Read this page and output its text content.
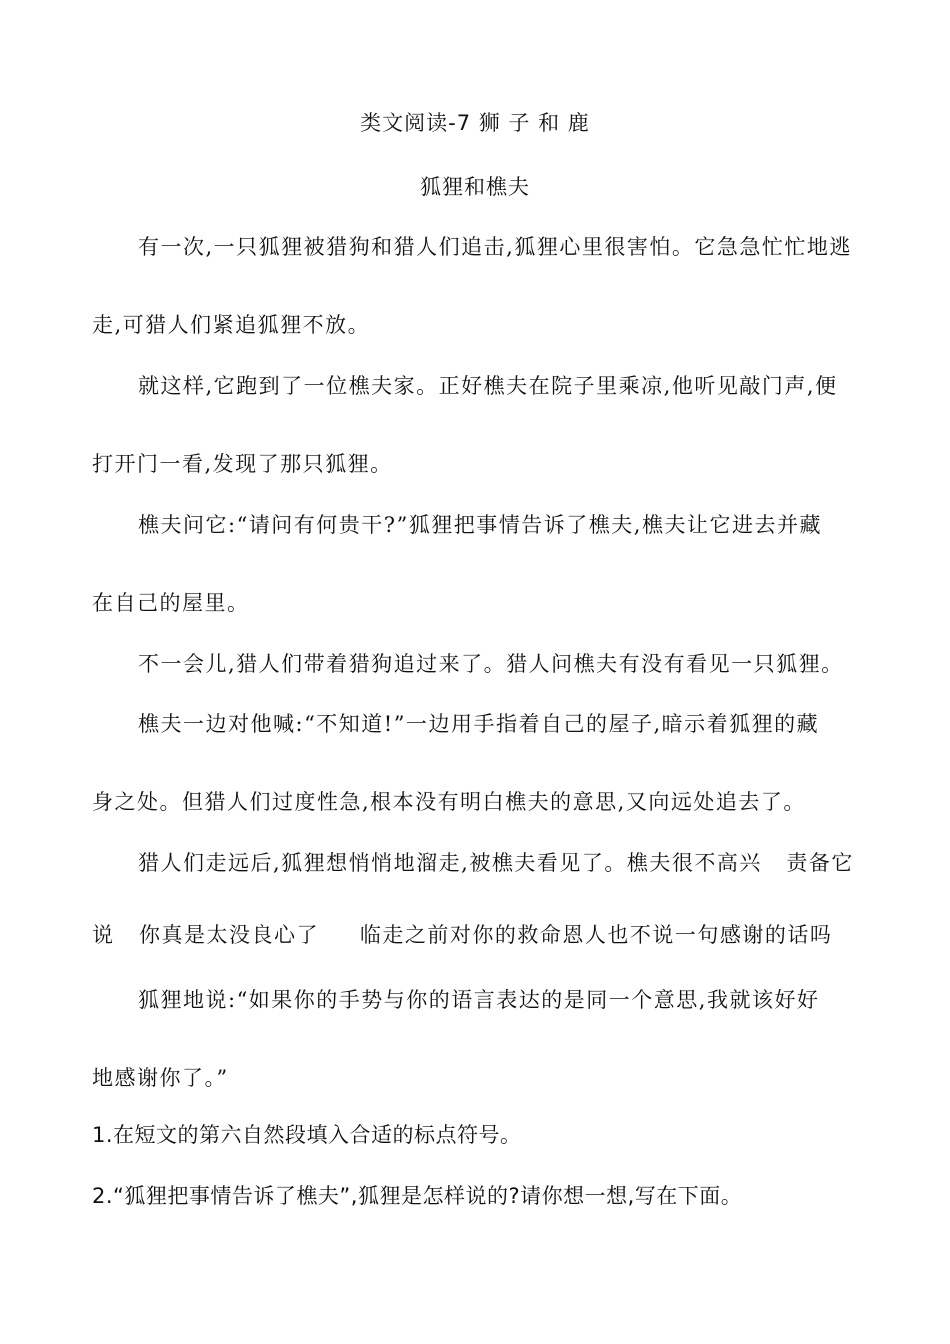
类文阅读-7 狮 子 和 鹿
狐狸和樵夫
有一次,一只狐狸被猎狗和猎人们追击,狐狸心里很害怕。它急急忙忙地逃
走,可猎人们紧追狐狸不放。
就这样,它跑到了一位樵夫家。正好樵夫在院子里乘凉,他听见敲门声,便
打开门一看,发现了那只狐狸。
樵夫问它:“请问有何贵干?”狐狸把事情告诉了樵夫,樵夫让它进去并藏
在自己的屋里。
不一会儿,猎人们带着猎狗追过来了。猎人问樵夫有没有看见一只狐狸。
樵夫一边对他喊:“不知道!”一边用手指着自己的屋子,暗示着狐狸的藏
身之处。但猎人们过度性急,根本没有明白樵夫的意思,又向远处追去了。
猎人们走远后,狐狸想悄悄地溜走,被樵夫看见了。樵夫很不高兴   责备它
说   你真是太没良心了     临走之前对你的救命恩人也不说一句感谢的话吗
狐狸地说:“如果你的手势与你的语言表达的是同一个意思,我就该好好
地感谢你了。”
1.在短文的第六自然段填入合适的标点符号。
2.“狐狸把事情告诉了樵夫”,狐狸是怎样说的?请你想一想,写在下面。
